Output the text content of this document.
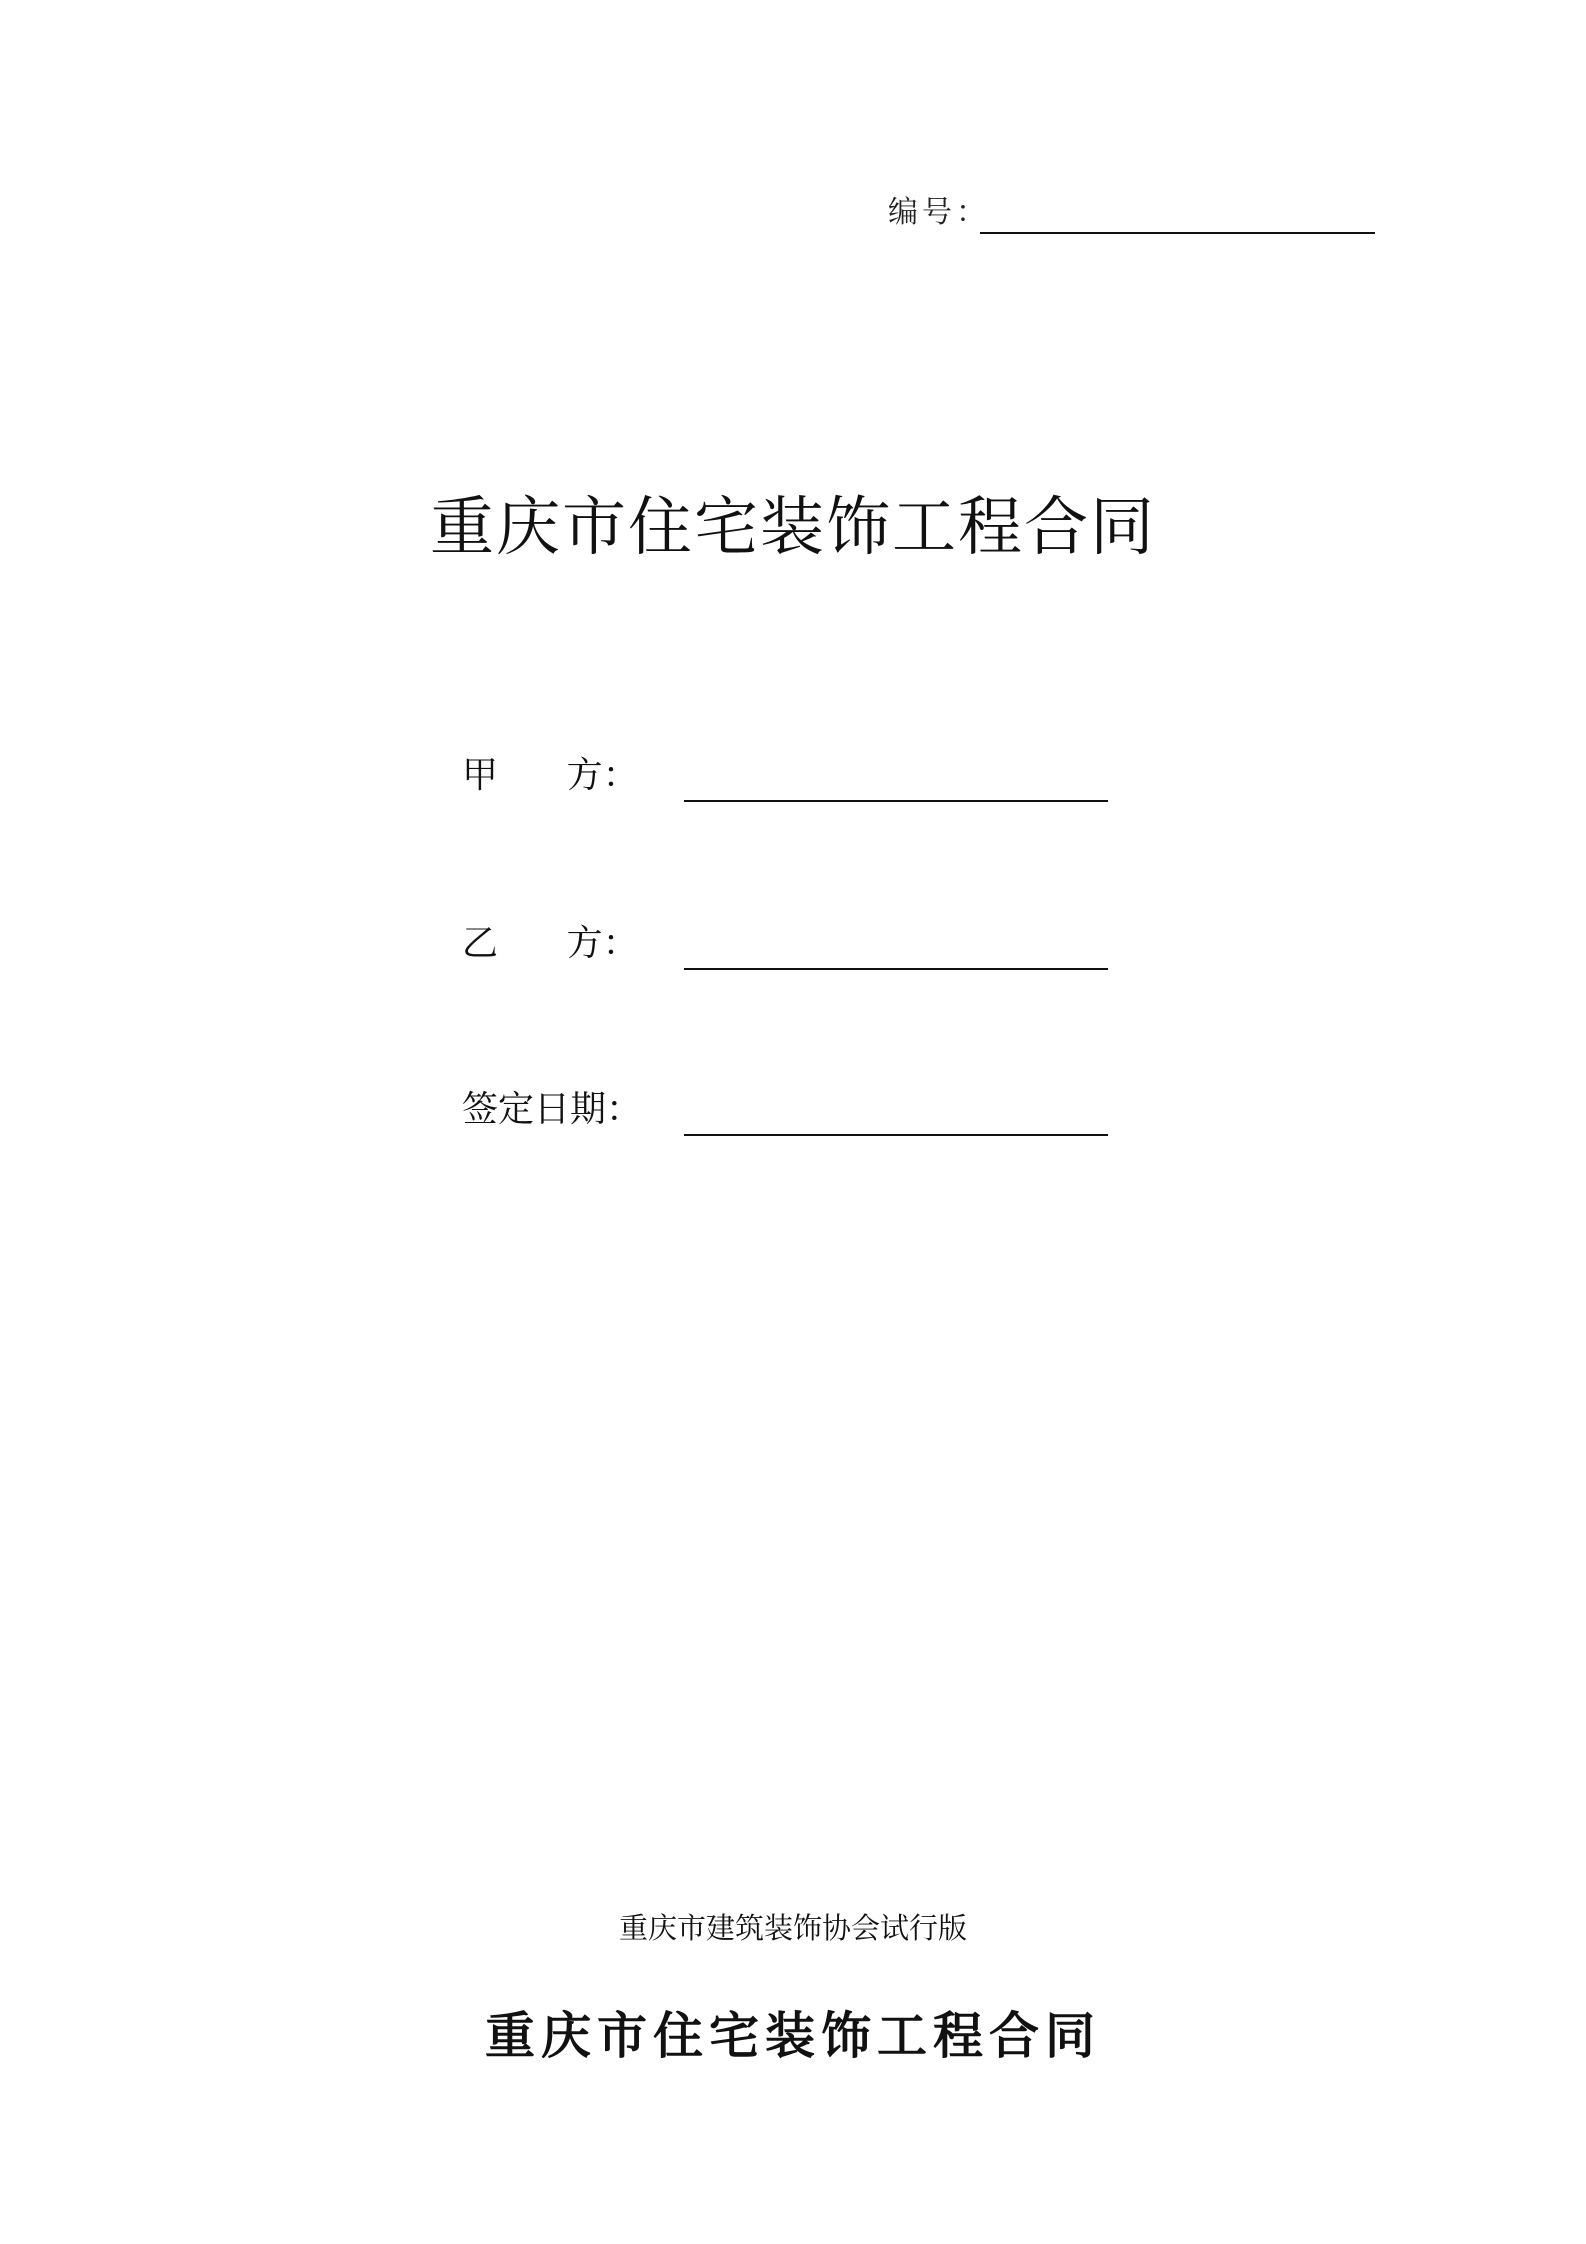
编号：
重庆市住宅装饰工程合同
甲      方：
乙      方：
签定日期：
重庆市建筑装饰协会试行版
重庆市住宅装饰工程合同
